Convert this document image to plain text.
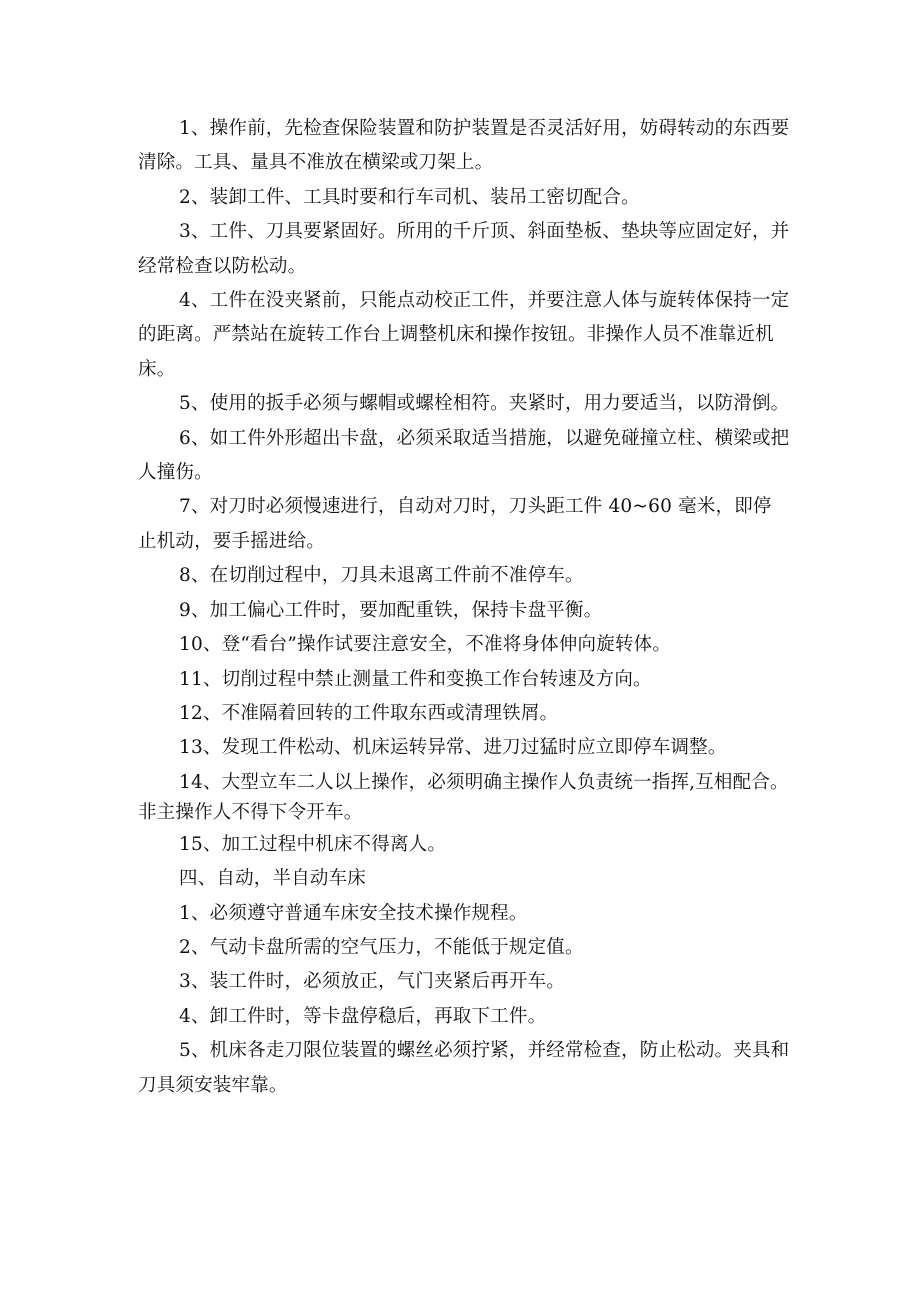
1、操作前，先检查保险装置和防护装置是否灵活好用，妨碍转动的东西要清除。工具、量具不准放在横梁或刀架上。

2、装卸工件、工具时要和行车司机、装吊工密切配合。

3、工件、刀具要紧固好。所用的千斤顶、斜面垫板、垫块等应固定好，并经常检查以防松动。

4、工件在没夹紧前，只能点动校正工件，并要注意人体与旋转体保持一定的距离。严禁站在旋转工作台上调整机床和操作按钮。非操作人员不准靠近机床。

5、使用的扳手必须与螺帽或螺栓相符。夹紧时，用力要适当，以防滑倒。

6、如工件外形超出卡盘，必须采取适当措施，以避免碰撞立柱、横梁或把人撞伤。

7、对刀时必须慢速进行，自动对刀时，刀头距工件 40~60 毫米，即停止机动，要手摇进给。

8、在切削过程中，刀具未退离工件前不准停车。

9、加工偏心工件时，要加配重铁，保持卡盘平衡。

10、登“看台”操作试要注意安全，不准将身体伸向旋转体。

11、切削过程中禁止测量工件和变换工作台转速及方向。

12、不准隔着回转的工件取东西或清理铁屑。

13、发现工件松动、机床运转异常、进刀过猛时应立即停车调整。

14、大型立车二人以上操作，必须明确主操作人负责统一指挥,互相配合。非主操作人不得下令开车。

15、加工过程中机床不得离人。

四、自动，半自动车床

1、必须遵守普通车床安全技术操作规程。

2、气动卡盘所需的空气压力，不能低于规定值。

3、装工件时，必须放正，气门夹紧后再开车。

4、卸工件时，等卡盘停稳后，再取下工件。

5、机床各走刀限位装置的螺丝必须拧紧，并经常检查，防止松动。夹具和刀具须安装牢靠。
